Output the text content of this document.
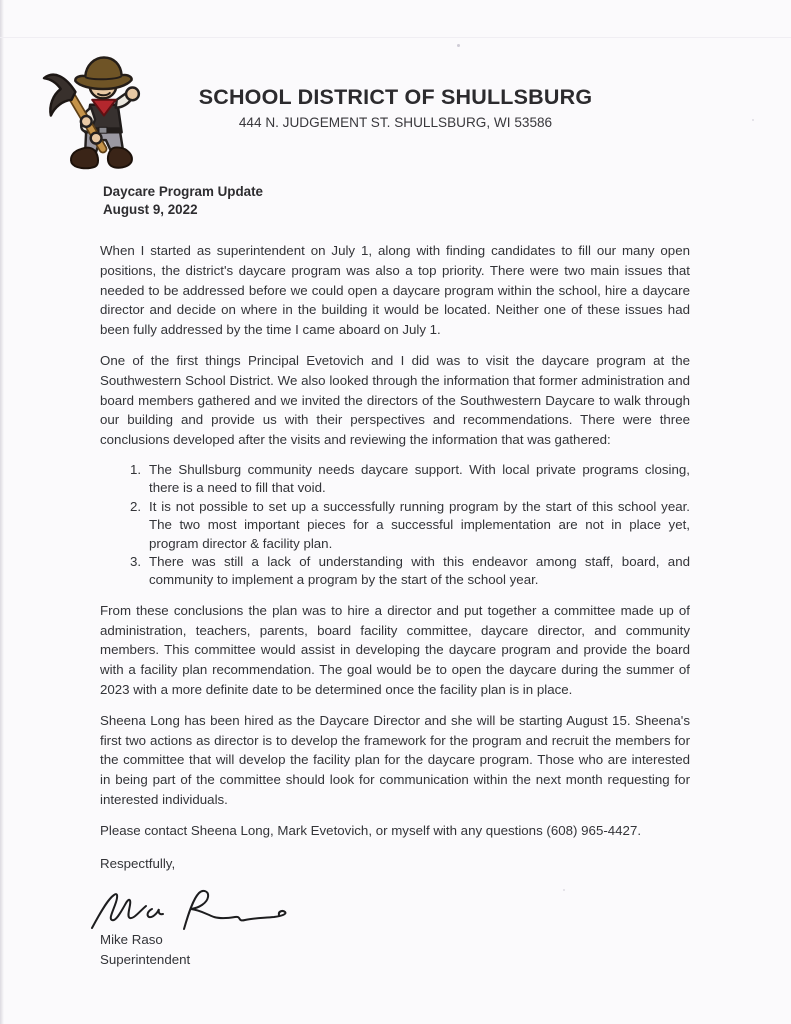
SCHOOL DISTRICT OF SHULLSBURG
444 N. JUDGEMENT ST. SHULLSBURG, WI 53586
Daycare Program Update
August 9, 2022

When I started as superintendent on July 1, along with finding candidates to fill our many open positions, the district's daycare program was also a top priority. There were two main issues that needed to be addressed before we could open a daycare program within the school, hire a daycare director and decide on where in the building it would be located. Neither one of these issues had been fully addressed by the time I came aboard on July 1.

One of the first things Principal Evetovich and I did was to visit the daycare program at the Southwestern School District. We also looked through the information that former administration and board members gathered and we invited the directors of the Southwestern Daycare to walk through our building and provide us with their perspectives and recommendations. There were three conclusions developed after the visits and reviewing the information that was gathered:

1. The Shullsburg community needs daycare support. With local private programs closing, there is a need to fill that void.
2. It is not possible to set up a successfully running program by the start of this school year. The two most important pieces for a successful implementation are not in place yet, program director & facility plan.
3. There was still a lack of understanding with this endeavor among staff, board, and community to implement a program by the start of the school year.

From these conclusions the plan was to hire a director and put together a committee made up of administration, teachers, parents, board facility committee, daycare director, and community members. This committee would assist in developing the daycare program and provide the board with a facility plan recommendation. The goal would be to open the daycare during the summer of 2023 with a more definite date to be determined once the facility plan is in place.

Sheena Long has been hired as the Daycare Director and she will be starting August 15. Sheena's first two actions as director is to develop the framework for the program and recruit the members for the committee that will develop the facility plan for the daycare program. Those who are interested in being part of the committee should look for communication within the next month requesting for interested individuals.

Please contact Sheena Long, Mark Evetovich, or myself with any questions (608) 965-4427.

Respectfully,

Mike Raso
Superintendent
